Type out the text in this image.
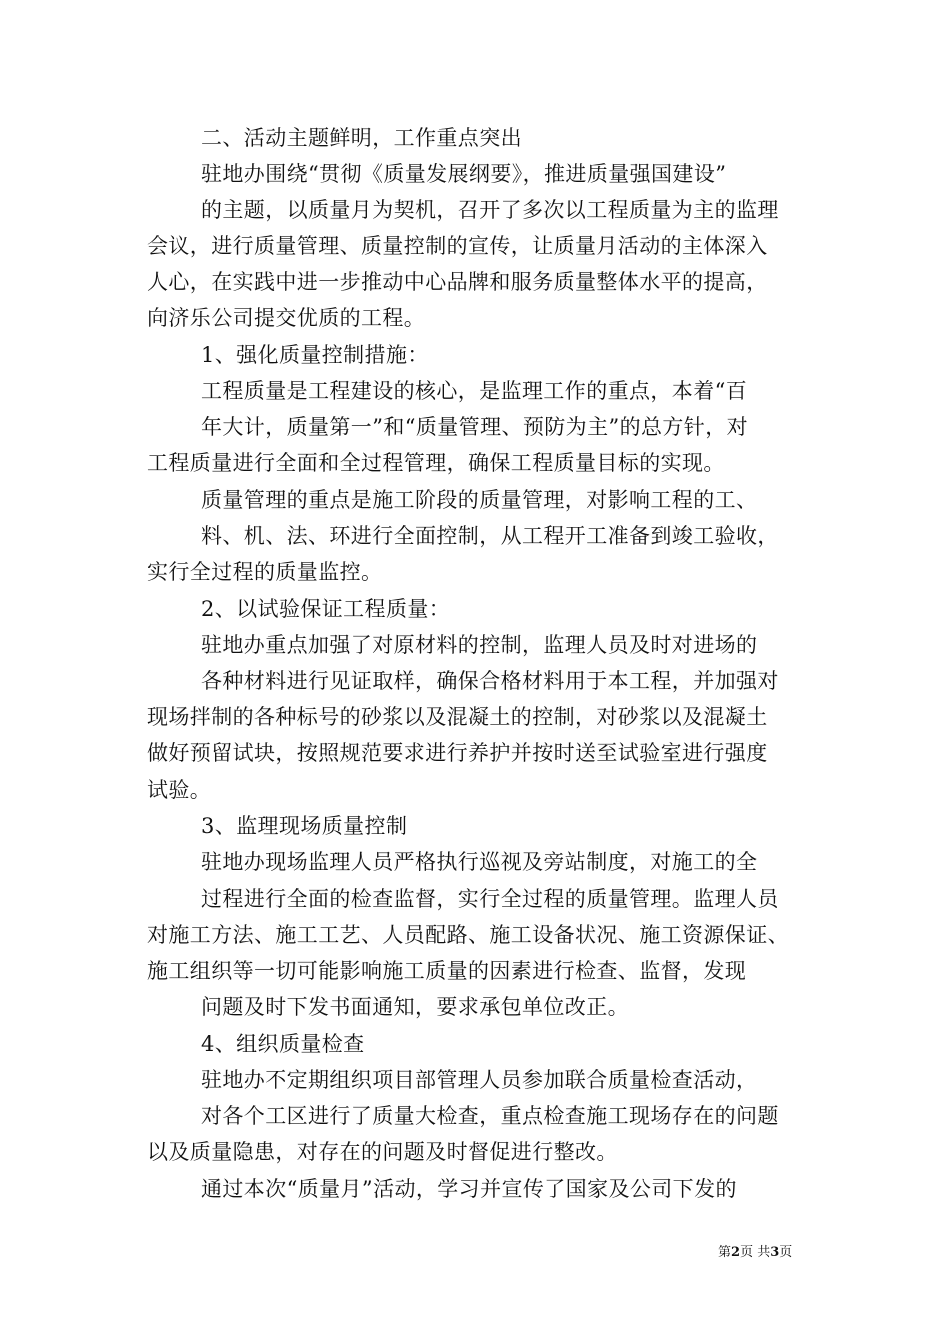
二、活动主题鲜明，工作重点突出
驻地办围绕“贯彻《质量发展纲要》，推进质量强国建设”
的主题，以质量月为契机，召开了多次以工程质量为主的监理
会议，进行质量管理、质量控制的宣传，让质量月活动的主体深入
人心，在实践中进一步推动中心品牌和服务质量整体水平的提高，
向济乐公司提交优质的工程。
1、强化质量控制措施：
工程质量是工程建设的核心，是监理工作的重点，本着“百
年大计，质量第一”和“质量管理、预防为主”的总方针，对
工程质量进行全面和全过程管理，确保工程质量目标的实现。
质量管理的重点是施工阶段的质量管理，对影响工程的工、
料、机、法、环进行全面控制，从工程开工准备到竣工验收，
实行全过程的质量监控。
2、以试验保证工程质量：
驻地办重点加强了对原材料的控制，监理人员及时对进场的
各种材料进行见证取样，确保合格材料用于本工程，并加强对
现场拌制的各种标号的砂浆以及混凝土的控制，对砂浆以及混凝土
做好预留试块，按照规范要求进行养护并按时送至试验室进行强度
试验。
3、监理现场质量控制
驻地办现场监理人员严格执行巡视及旁站制度，对施工的全
过程进行全面的检查监督，实行全过程的质量管理。监理人员
对施工方法、施工工艺、人员配路、施工设备状况、施工资源保证、
施工组织等一切可能影响施工质量的因素进行检查、监督，发现
问题及时下发书面通知，要求承包单位改正。
4、组织质量检查
驻地办不定期组织项目部管理人员参加联合质量检查活动，
对各个工区进行了质量大检查，重点检查施工现场存在的问题
以及质量隐患，对存在的问题及时督促进行整改。
通过本次“质量月”活动，学习并宣传了国家及公司下发的
第2页 共3页
